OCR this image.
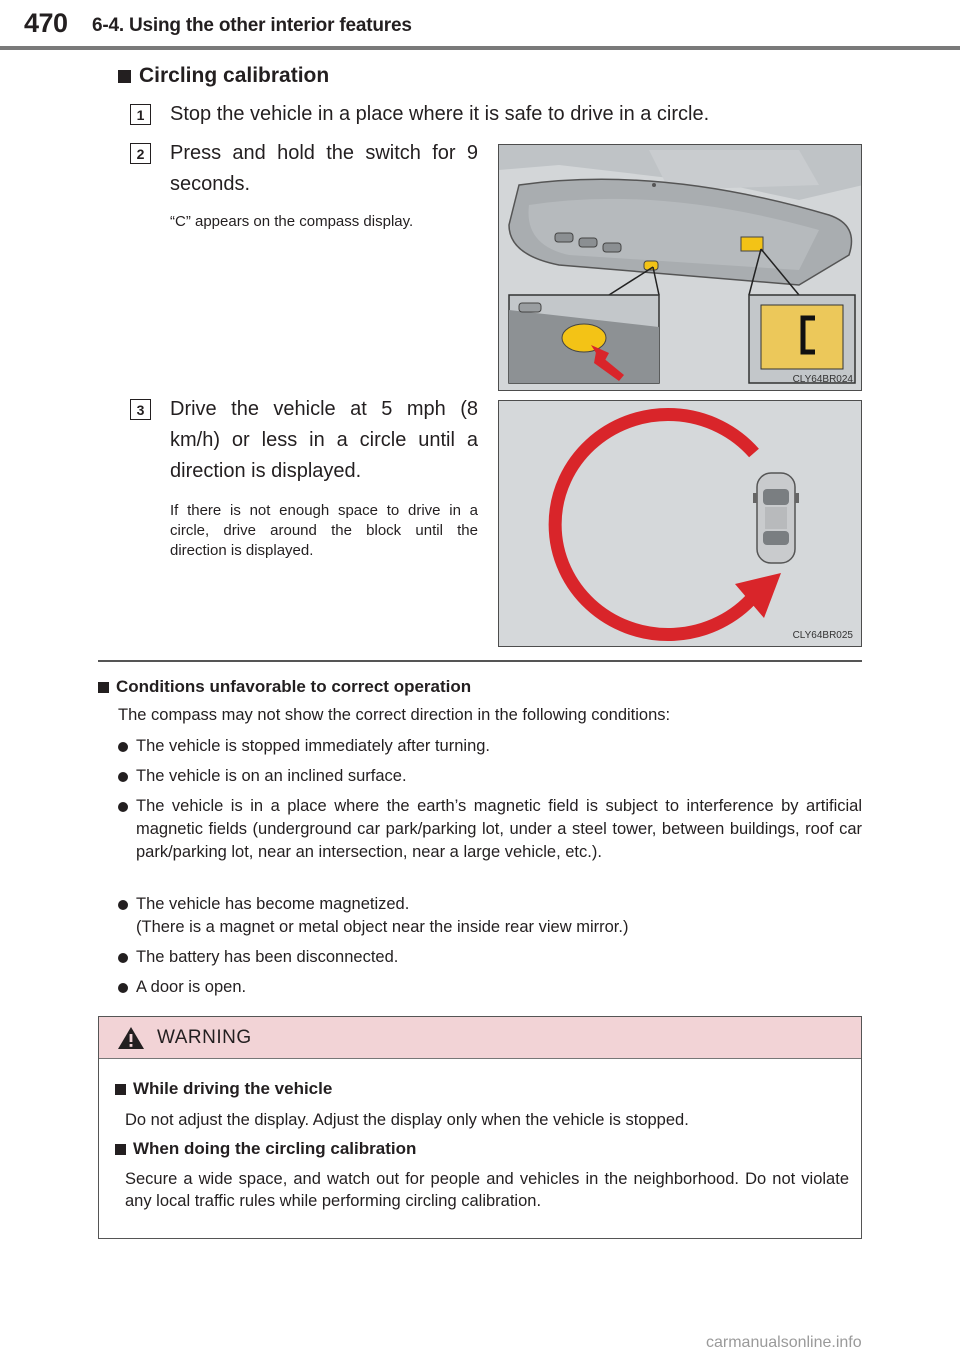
470 6-4. Using the other interior features
Circling calibration
1	Stop the vehicle in a place where it is safe to drive in a circle.
2	Press and hold the switch for 9 seconds.
“C” appears on the compass display.
CLY64BR024
3	Drive the vehicle at 5 mph (8 km/h) or less in a circle until a direction is displayed.
If there is not enough space to drive in a circle, drive around the block until the direction is displayed.
CLY64BR025
Conditions unfavorable to correct operation
The compass may not show the correct direction in the following conditions:
The vehicle is stopped immediately after turning.
The vehicle is on an inclined surface.
The vehicle is in a place where the earth’s magnetic field is subject to interference by artificial magnetic fields (underground car park/parking lot, under a steel tower, between buildings, roof car park/parking lot, near an intersection, near a large vehicle, etc.).
The vehicle has become magnetized.
(There is a magnet or metal object near the inside rear view mirror.)
The battery has been disconnected.
A door is open.
WARNING
While driving the vehicle
Do not adjust the display. Adjust the display only when the vehicle is stopped.
When doing the circling calibration
Secure a wide space, and watch out for people and vehicles in the neighborhood. Do not violate any local traffic rules while performing circling calibration.
carmanualsonline.info
